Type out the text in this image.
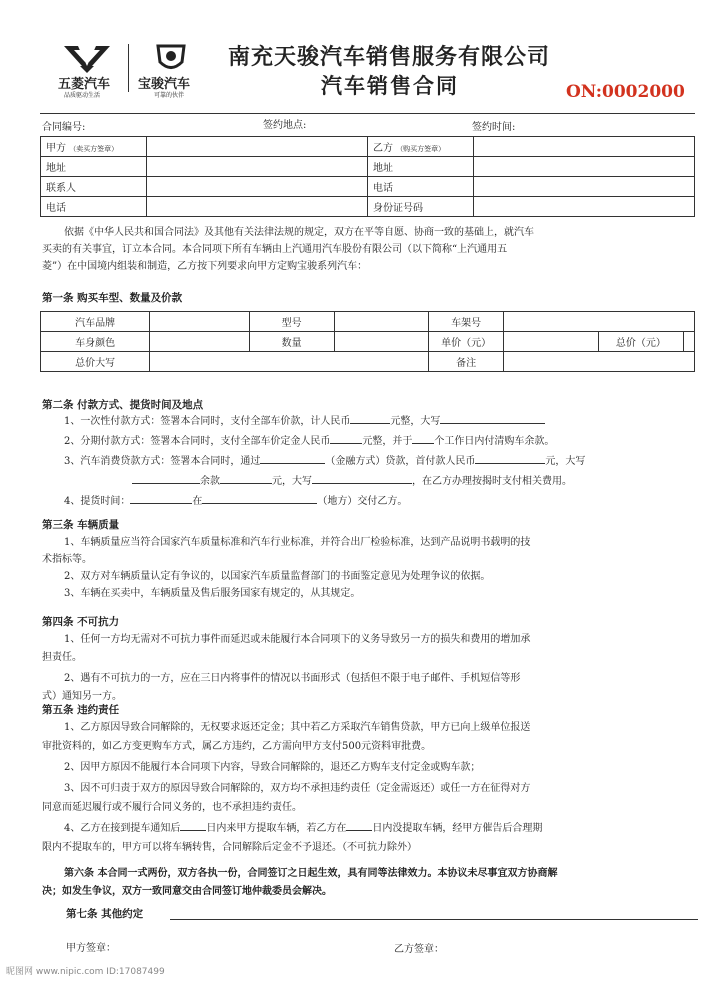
五菱汽车
品质驱动生活
宝骏汽车
可靠的伙伴
南充天骏汽车销售服务有限公司
汽车销售合同	ON:0002000
合同编号:	签约地点:	签约时间:
甲方 （卖买方签章）		乙方 （购买方签章）	
地址		地址	
联系人		电话	
电话		身份证号码	
依据《中华人民共和国合同法》及其他有关法律法规的规定，双方在平等自愿、协商一致的基础上，就汽车
买卖的有关事宜，订立本合同。本合同项下所有车辆由上汽通用汽车股份有限公司（以下简称“上汽通用五
菱”）在中国境内组装和制造，乙方按下列要求向甲方定购宝骏系列汽车：
第一条 购买车型、数量及价款
汽车品牌		型号		车架号			
车身颜色		数量		单价（元）		总价（元）	
总价大写				备注			
第二条 付款方式、提货时间及地点
1、一次性付款方式：签署本合同时，支付全部车价款，计人民币	元整，大写
2、分期付款方式：签署本合同时，支付全部车价定金人民币	元整，并于 个工作日内付清购车余款。
3、汽车消费贷款方式：签署本合同时，通过	（金融方式）贷款，首付款人民币	元，大写
余款	元，大写	，在乙方办理按揭时支付相关费用。
4、提货时间：	在	（地方）交付乙方。
第三条 车辆质量
1、车辆质量应当符合国家汽车质量标准和汽车行业标准，并符合出厂检验标准，达到产品说明书载明的技
术指标等。
2、双方对车辆质量认定有争议的，以国家汽车质量监督部门的书面鉴定意见为处理争议的依据。
3、车辆在买卖中，车辆质量及售后服务国家有规定的，从其规定。
第四条 不可抗力
1、任何一方均无需对不可抗力事件而延迟或未能履行本合同项下的义务导致另一方的损失和费用的增加承
担责任。
2、遇有不可抗力的一方，应在三日内将事件的情况以书面形式（包括但不限于电子邮件、手机短信等形
式）通知另一方。
第五条 违约责任
1、乙方原因导致合同解除的，无权要求返还定金；其中若乙方采取汽车销售贷款，甲方已向上级单位报送
审批资料的，如乙方变更购车方式，属乙方违约，乙方需向甲方支付500元资料审批费。
2、因甲方原因不能履行本合同项下内容，导致合同解除的，退还乙方购车支付定金或购车款；
3、因不可归责于双方的原因导致合同解除的，双方均不承担违约责任（定金需返还）或任一方在征得对方
同意而延迟履行或不履行合同义务的，也不承担违约责任。
4、乙方在接到提车通知后	日内来甲方提取车辆，若乙方在	日内没提取车辆，经甲方催告后合理期
限内不提取车的，甲方可以将车辆转售，合同解除后定金不予退还。（不可抗力除外）
第六条 本合同一式两份，双方各执一份，合同签订之日起生效，具有同等法律效力。本协议未尽事宜双方协商解
决；如发生争议，双方一致同意交由合同签订地仲裁委员会解决。
第七条 其他约定
甲方签章：	乙方签章：
昵图网 www.nipic.com ID:17087499
